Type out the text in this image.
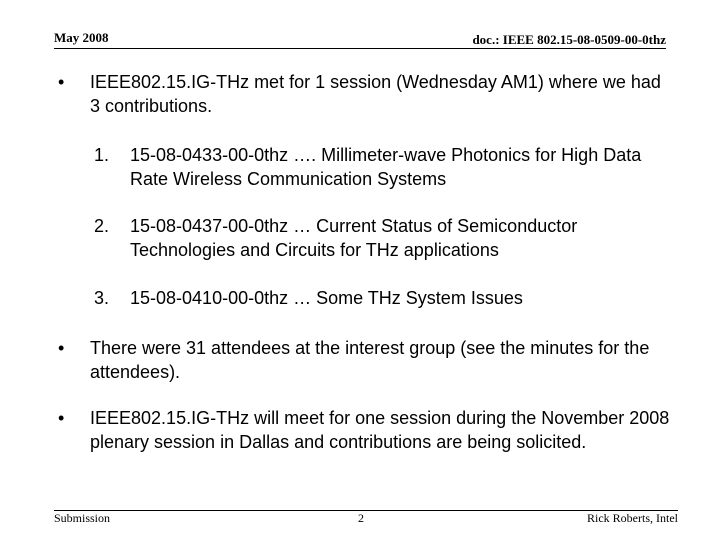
May 2008	doc.: IEEE 802.15-08-0509-00-0thz
•	IEEE802.15.IG-THz met for 1 session (Wednesday AM1) where we had 3 contributions.
1.	15-08-0433-00-0thz …. Millimeter-wave Photonics for High Data Rate Wireless Communication Systems
2.	15-08-0437-00-0thz … Current Status of Semiconductor Technologies and Circuits for THz applications
3.	15-08-0410-00-0thz … Some THz System Issues
•	There were 31 attendees at the interest group (see the minutes for the attendees).
•	IEEE802.15.IG-THz will meet for one session during the November 2008 plenary session in Dallas and contributions are being solicited.
Submission	2	Rick Roberts, Intel
